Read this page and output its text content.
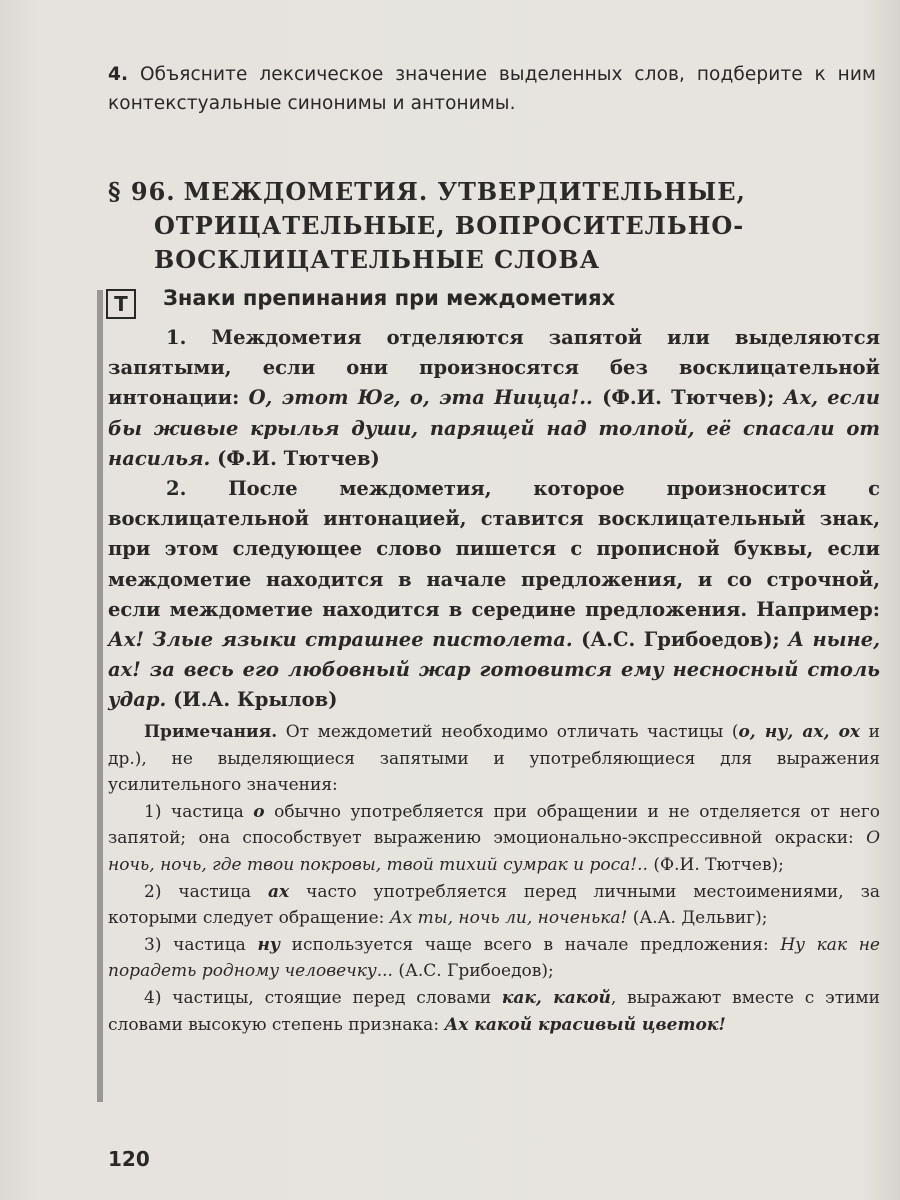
4. Объясните лексическое значение выделенных слов, подберите к ним контекстуальные синонимы и антонимы.
§ 96. МЕЖДОМЕТИЯ. УТВЕРДИТЕЛЬНЫЕ,
ОТРИЦАТЕЛЬНЫЕ, ВОПРОСИТЕЛЬНО-
ВОСКЛИЦАТЕЛЬНЫЕ СЛОВА
Т	Знаки препинания при междометиях

1. Междометия отделяются запятой или выделяются запятыми, если они произносятся без восклицательной интонации: О, этот Юг, о, эта Ницца!.. (Ф.И. Тютчев); Ах, если бы живые крылья души, парящей над толпой, её спасали от насилья. (Ф.И. Тютчев)

2. После междометия, которое произносится с восклицательной интонацией, ставится восклицательный знак, при этом следующее слово пишется с прописной буквы, если междометие находится в начале предложения, и со строчной, если междометие находится в середине предложения. Например: Ах! Злые языки страшнее пистолета. (А.С. Грибоедов); А ныне, ах! за весь его любовный жар готовится ему несносный столь удар. (И.А. Крылов)

Примечания. От междометий необходимо отличать частицы (о, ну, ах, ох и др.), не выделяющиеся запятыми и употребляющиеся для выражения усилительного значения:

1) частица о обычно употребляется при обращении и не отделяется от него запятой; она способствует выражению эмоционально-экспрессивной окраски: О ночь, ночь, где твои покровы, твой тихий сумрак и роса!.. (Ф.И. Тютчев);

2) частица ах часто употребляется перед личными местоимениями, за которыми следует обращение: Ах ты, ночь ли, ноченька! (А.А. Дельвиг);

3) частица ну используется чаще всего в начале предложения: Ну как не порадеть родному человечку... (А.С. Грибоедов);

4) частицы, стоящие перед словами как, какой, выражают вместе с этими словами высокую степень признака: Ах какой красивый цветок!

120
